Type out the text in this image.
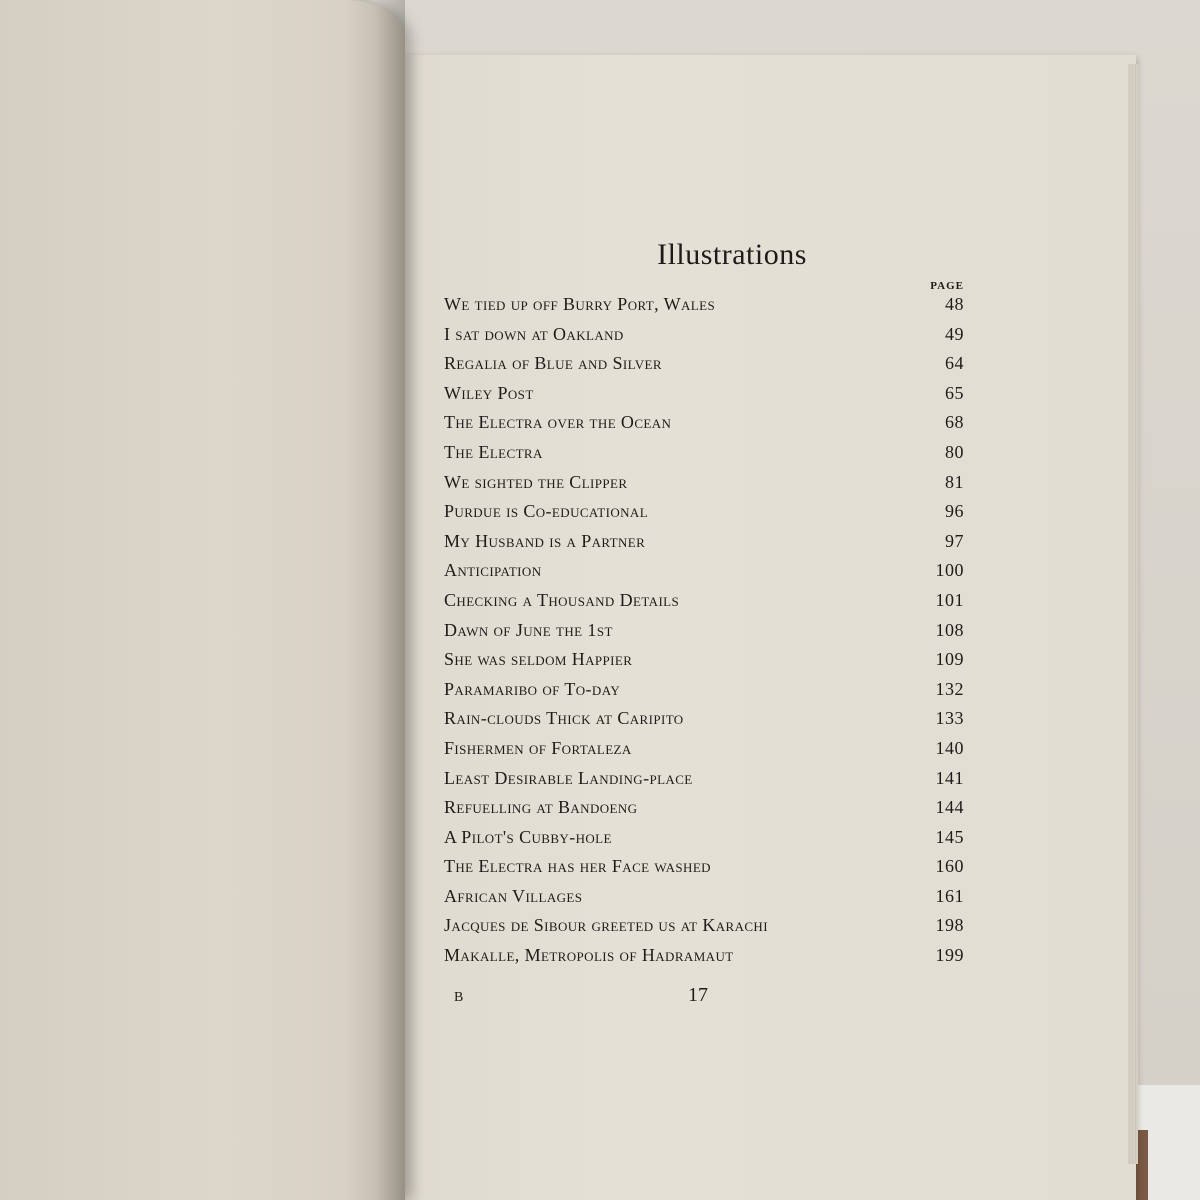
Illustrations
PAGE
We tied up off Burry Port, Wales	48
I sat down at Oakland	49
Regalia of Blue and Silver	64
Wiley Post	65
The Electra over the Ocean	68
The Electra	80
We sighted the Clipper	81
Purdue is Co-educational	96
My Husband is a Partner	97
Anticipation	100
Checking a Thousand Details	101
Dawn of June the 1st	108
She was seldom Happier	109
Paramaribo of To-day	132
Rain-clouds Thick at Caripito	133
Fishermen of Fortaleza	140
Least Desirable Landing-place	141
Refuelling at Bandoeng	144
A Pilot's Cubby-hole	145
The Electra has her Face washed	160
African Villages	161
Jacques de Sibour greeted us at Karachi	198
Makalle, Metropolis of Hadramaut	199
B	17
